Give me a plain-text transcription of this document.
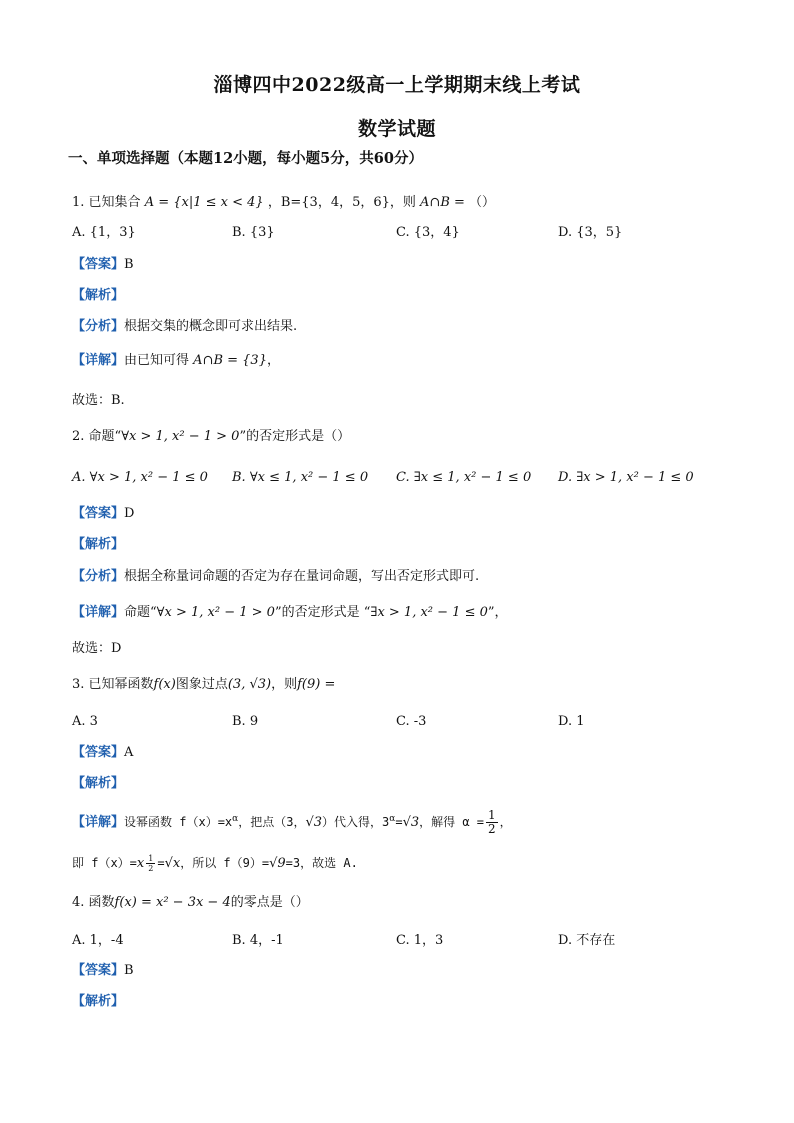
淄博四中2022级高一上学期期末线上考试
数学试题
一、单项选择题（本题12小题，每小题5分，共60分）
1. 已知集合 A = {x|1 ≤ x < 4} ，B={3，4，5，6}，则 A∩B = （）
A. {1，3}	B. {3}	C. {3，4}	D. {3，5}
【答案】B
【解析】
【分析】根据交集的概念即可求出结果.
【详解】由已知可得 A∩B = {3}，
故选：B.
2. 命题“∀x > 1, x² − 1 > 0”的否定形式是（）
A. ∀x > 1, x² − 1 ≤ 0 B. ∀x ≤ 1, x² − 1 ≤ 0 C. ∃x ≤ 1, x² − 1 ≤ 0 D. ∃x > 1, x² − 1 ≤ 0
【答案】D
【解析】
【分析】根据全称量词命题的否定为存在量词命题，写出否定形式即可.
【详解】命题“∀x > 1, x² − 1 > 0”的否定形式是 “∃x > 1, x² − 1 ≤ 0”，
故选：D
3. 已知幂函数f(x)图象过点(3, √3)，则f(9) =
A. 3	B. 9	C. -3	D. 1
【答案】A
【解析】
【详解】设幂函数 $f(x)=x^\alpha$，把点（3，√3）代入得，$3^\alpha=√3$，解得 $\alpha = \frac{1}{2}$ ，
即 $f(x)=x \frac{1}{2} =√x$，所以 f（9）=√9=3，故选 A.
4. 函数f(x) = x² − 3x − 4的零点是（）
A. 1，-4	B. 4，-1	C. 1，3	D. 不存在
【答案】B
【解析】
